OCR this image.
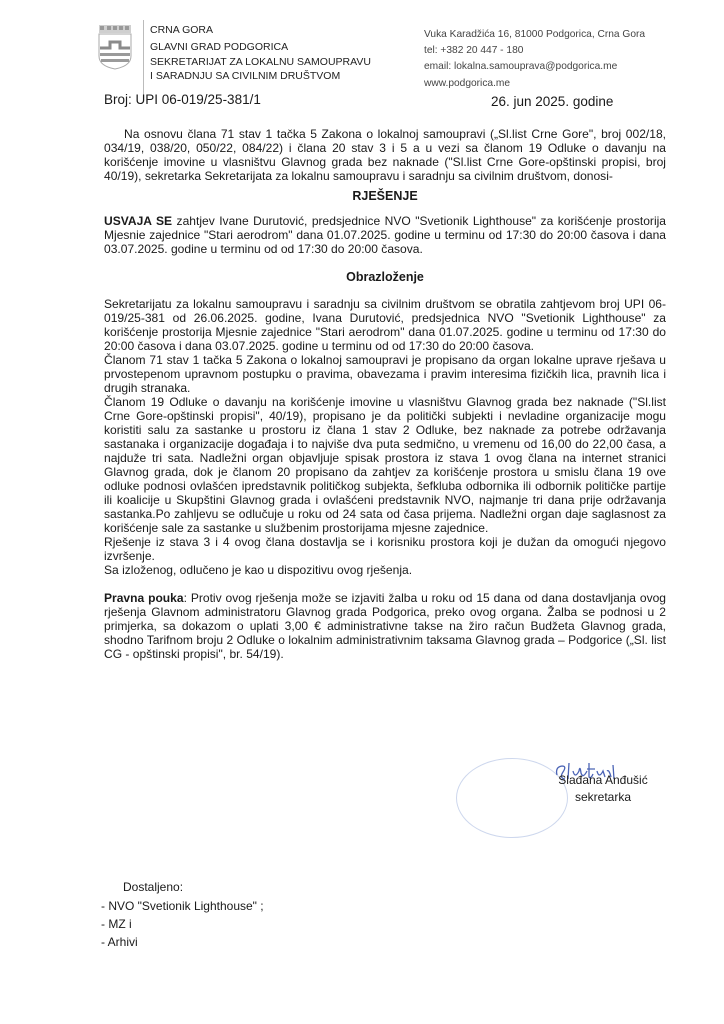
CRNA GORA
GLAVNI GRAD PODGORICA
SEKRETARIJAT ZA LOKALNU SAMOUPRAVU
I SARADNJU SA CIVILNIM DRUŠTVOM
Vuka Karadžića 16, 81000 Podgorica, Crna Gora
tel: +382 20 447 - 180
email: lokalna.samouprava@podgorica.me
www.podgorica.me
Broj: UPI 06-019/25-381/1	26. jun 2025. godine

Na osnovu člana 71 stav 1 tačka 5 Zakona o lokalnoj samoupravi („Sl.list Crne Gore", broj 002/18, 034/19, 038/20, 050/22, 084/22) i člana 20 stav 3 i 5 a u vezi sa članom 19 Odluke o davanju na korišćenje imovine u vlasništvu Glavnog grada bez naknade ("Sl.list Crne Gore-opštinski propisi, broj 40/19), sekretarka Sekretarijata za lokalnu samoupravu i saradnju sa civilnim društvom, donosi-

RJEŠENJE

USVAJA SE zahtjev Ivane Durutović, predsjednice NVO "Svetionik Lighthouse" za korišćenje prostorija Mjesnie zajednice "Stari aerodrom" dana 01.07.2025. godine u terminu od 17:30 do 20:00 časova i dana 03.07.2025. godine u terminu od od 17:30 do 20:00 časova.

Obrazloženje

Sekretarijatu za lokalnu samoupravu i saradnju sa civilnim društvom se obratila zahtjevom broj UPI 06-019/25-381 od 26.06.2025. godine, Ivana Durutović, predsjednica NVO "Svetionik Lighthouse" za korišćenje prostorija Mjesnie zajednice "Stari aerodrom" dana 01.07.2025. godine u terminu od 17:30 do 20:00 časova i dana 03.07.2025. godine u terminu od od 17:30 do 20:00 časova.

Članom 71 stav 1 tačka 5 Zakona o lokalnoj samoupravi je propisano da organ lokalne uprave rješava u prvostepenom upravnom postupku o pravima, obavezama i pravim interesima fizičkih lica, pravnih lica i drugih stranaka.

Članom 19 Odluke o davanju na korišćenje imovine u vlasništvu Glavnog grada bez naknade ("Sl.list Crne Gore-opštinski propisi", 40/19), propisano je da politički subjekti i nevladine organizacije mogu koristiti salu za sastanke u prostoru iz člana 1 stav 2 Odluke, bez naknade za potrebe održavanja sastanaka i organizacije događaja i to najviše dva puta sedmično, u vremenu od 16,00 do 22,00 časa, a najduže tri sata. Nadležni organ objavljuje spisak prostora iz stava 1 ovog člana na internet stranici Glavnog grada, dok je članom 20 propisano da zahtjev za korišćenje prostora u smislu člana 19 ove odluke podnosi ovlašćen ipredstavnik političkog subjekta, šefkluba odbornika ili odbornik političke partije ili koalicije u Skupštini Glavnog grada i ovlašćeni predstavnik NVO, najmanje tri dana prije održavanja sastanka.Po zahljevu se odlučuje u roku od 24 sata od časa prijema. Nadležni organ daje saglasnost za korišćenje sale za sastanke u službenim prostorijama mjesne zajednice.

Rješenje iz stava 3 i 4 ovog člana dostavlja se i korisniku prostora koji je dužan da omogući njegovo izvršenje.

Sa izloženog, odlučeno je kao u dispozitivu ovog rješenja.

Pravna pouka: Protiv ovog rješenja može se izjaviti žalba u roku od 15 dana od dana dostavljanja ovog rješenja Glavnom administratoru Glavnog grada Podgorica, preko ovog organa. Žalba se podnosi u 2 primjerka, sa dokazom o uplati 3,00 € administrativne takse na žiro račun Budžeta Glavnog grada, shodno Tarifnom broju 2 Odluke o lokalnim administrativnim taksama Glavnog grada – Podgorice („Sl. list CG - opštinski propisi", br. 54/19).

Slađana Anđušić
sekretarka
Dostaljeno:
- NVO "Svetionik Lighthouse" ;
- MZ i
- Arhivi
